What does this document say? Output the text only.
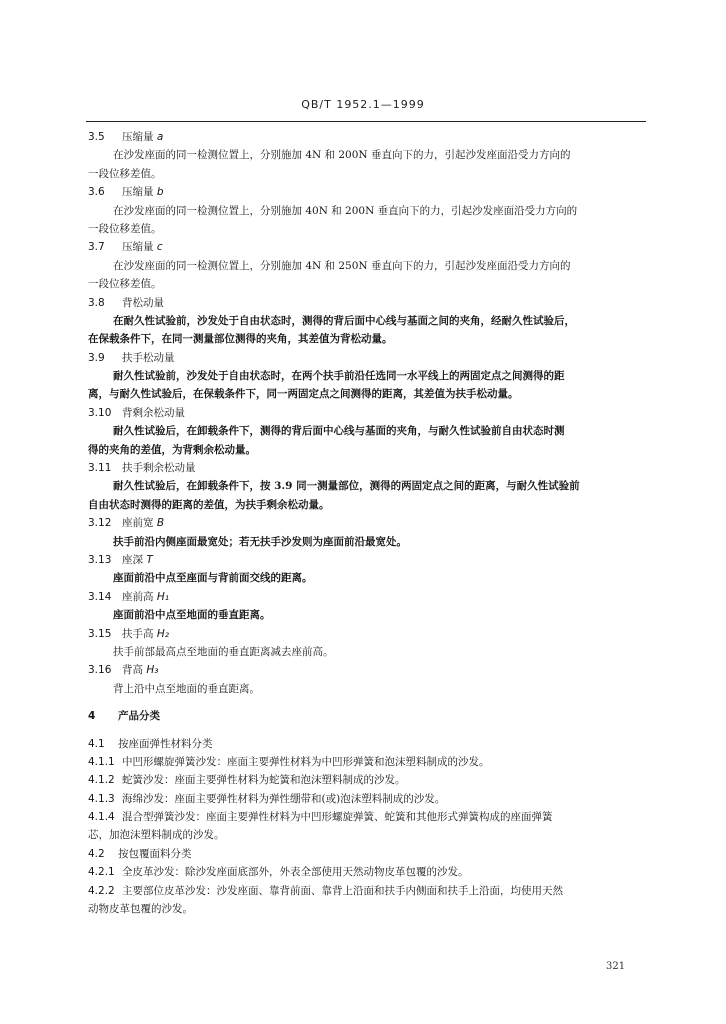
QB/T 1952.1—1999
3.5 压缩量 a
在沙发座面的同一检测位置上，分别施加 4N 和 200N 垂直向下的力，引起沙发座面沿受力方向的
一段位移差值。
3.6 压缩量 b
在沙发座面的同一检测位置上，分别施加 40N 和 200N 垂直向下的力，引起沙发座面沿受力方向的
一段位移差值。
3.7 压缩量 c
在沙发座面的同一检测位置上，分别施加 4N 和 250N 垂直向下的力，引起沙发座面沿受力方向的
一段位移差值。
3.8 背松动量
在耐久性试验前，沙发处于自由状态时，测得的背后面中心线与基面之间的夹角，经耐久性试验后，
在保载条件下，在同一测量部位测得的夹角，其差值为背松动量。
3.9 扶手松动量
耐久性试验前，沙发处于自由状态时，在两个扶手前沿任选同一水平线上的两固定点之间测得的距
离，与耐久性试验后，在保载条件下，同一两固定点之间测得的距离，其差值为扶手松动量。
3.10 背剩余松动量
耐久性试验后，在卸载条件下，测得的背后面中心线与基面的夹角，与耐久性试验前自由状态时测
得的夹角的差值，为背剩余松动量。
3.11 扶手剩余松动量
耐久性试验后，在卸载条件下，按 3.9 同一测量部位，测得的两固定点之间的距离，与耐久性试验前
自由状态时测得的距离的差值，为扶手剩余松动量。
3.12 座前宽 B
扶手前沿内侧座面最宽处；若无扶手沙发则为座面前沿最宽处。
3.13 座深 T
座面前沿中点至座面与背前面交线的距离。
3.14 座前高 H₁
座面前沿中点至地面的垂直距离。
3.15 扶手高 H₂
扶手前部最高点至地面的垂直距离减去座前高。
3.16 背高 H₃
背上沿中点至地面的垂直距离。
4 产品分类
4.1 按座面弹性材料分类
4.1.1 中凹形螺旋弹簧沙发：座面主要弹性材料为中凹形弹簧和泡沫塑料制成的沙发。
4.1.2 蛇簧沙发：座面主要弹性材料为蛇簧和泡沫塑料制成的沙发。
4.1.3 海绵沙发：座面主要弹性材料为弹性绷带和(或)泡沫塑料制成的沙发。
4.1.4 混合型弹簧沙发：座面主要弹性材料为中凹形螺旋弹簧、蛇簧和其他形式弹簧构成的座面弹簧
芯，加泡沫塑料制成的沙发。
4.2 按包覆面料分类
4.2.1 全皮革沙发：除沙发座面底部外，外表全部使用天然动物皮革包覆的沙发。
4.2.2 主要部位皮革沙发：沙发座面、靠背前面、靠背上沿面和扶手内侧面和扶手上沿面，均使用天然
动物皮革包覆的沙发。
321
